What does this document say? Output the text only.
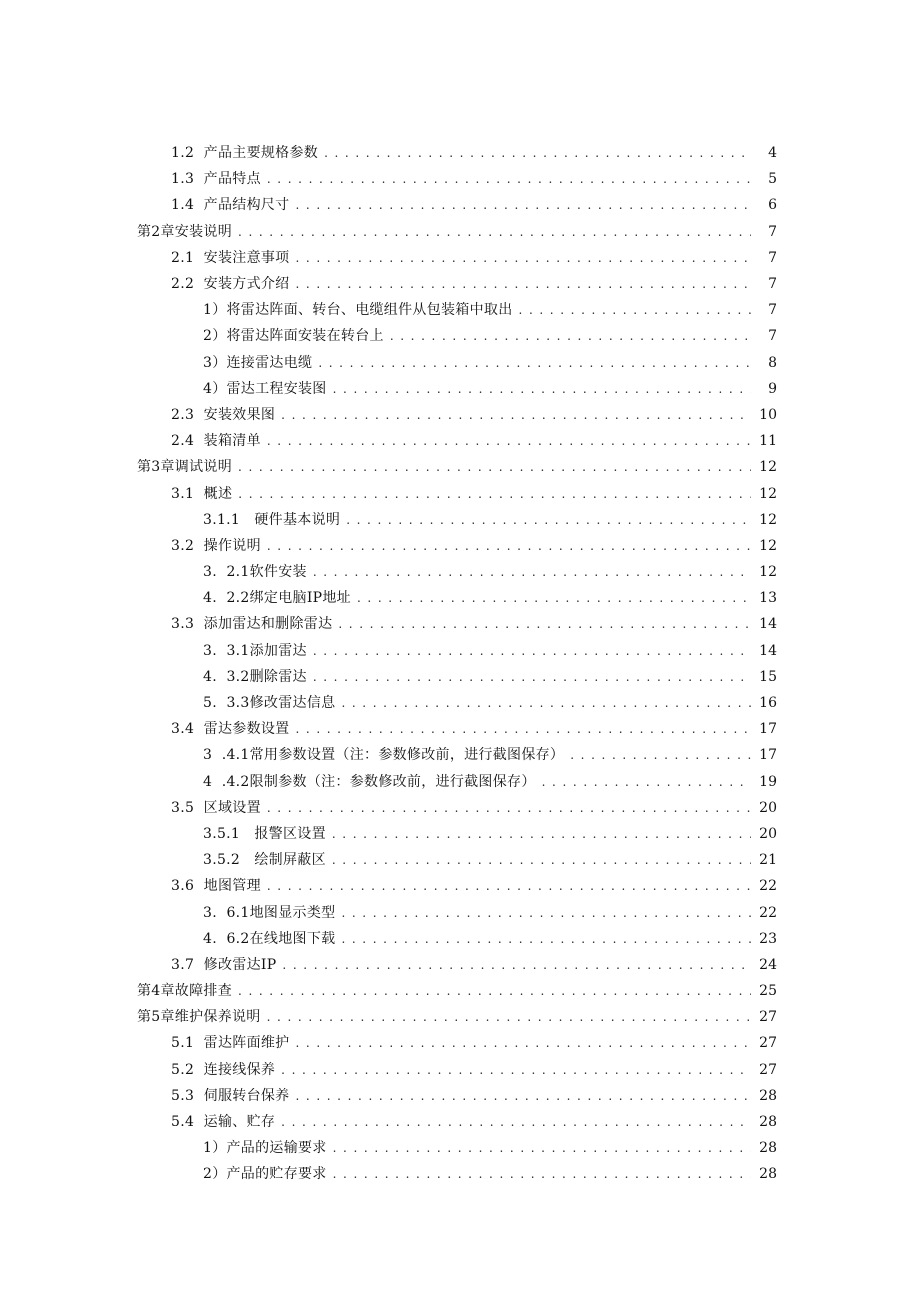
1.2  产品主要规格参数 . . .	4
1.3  产品特点 . . .	5
1.4  产品结构尺寸 . . .	6
第2章安装说明 . . .	7
2.1  安装注意事项 . . .	7
2.2  安装方式介绍 . . .	7
1）将雷达阵面、转台、电缆组件从包装箱中取出 . . .	7
2）将雷达阵面安装在转台上 . . .	7
3）连接雷达电缆 . . .	8
4）雷达工程安装图 . . .	9
2.3  安装效果图 . . .	10
2.4  装箱清单 . . .	11
第3章调试说明 . . .	12
3.1  概述 . . .	12
3.1.1   硬件基本说明 . . .	12
3.2  操作说明 . . .	12
3.  2.1软件安装 . . .	12
4.  2.2绑定电脑IP地址 . . .	13
3.3  添加雷达和删除雷达 . . .	14
3.  3.1添加雷达 . . .	14
4.  3.2删除雷达 . . .	15
5.  3.3修改雷达信息 . . .	16
3.4  雷达参数设置 . . .	17
3  .4.1常用参数设置（注：参数修改前，进行截图保存） . . .	17
4  .4.2限制参数（注：参数修改前，进行截图保存） . . .	19
3.5  区域设置 . . .	20
3.5.1   报警区设置 . . .	20
3.5.2   绘制屏蔽区 . . .	21
3.6  地图管理 . . .	22
3.  6.1地图显示类型 . . .	22
4.  6.2在线地图下载 . . .	23
3.7  修改雷达IP . . .	24
第4章故障排查 . . .	25
第5章维护保养说明 . . .	27
5.1  雷达阵面维护 . . .	27
5.2  连接线保养 . . .	27
5.3  伺服转台保养 . . .	28
5.4  运输、贮存 . . .	28
1）产品的运输要求 . . .	28
2）产品的贮存要求 . . .	28
